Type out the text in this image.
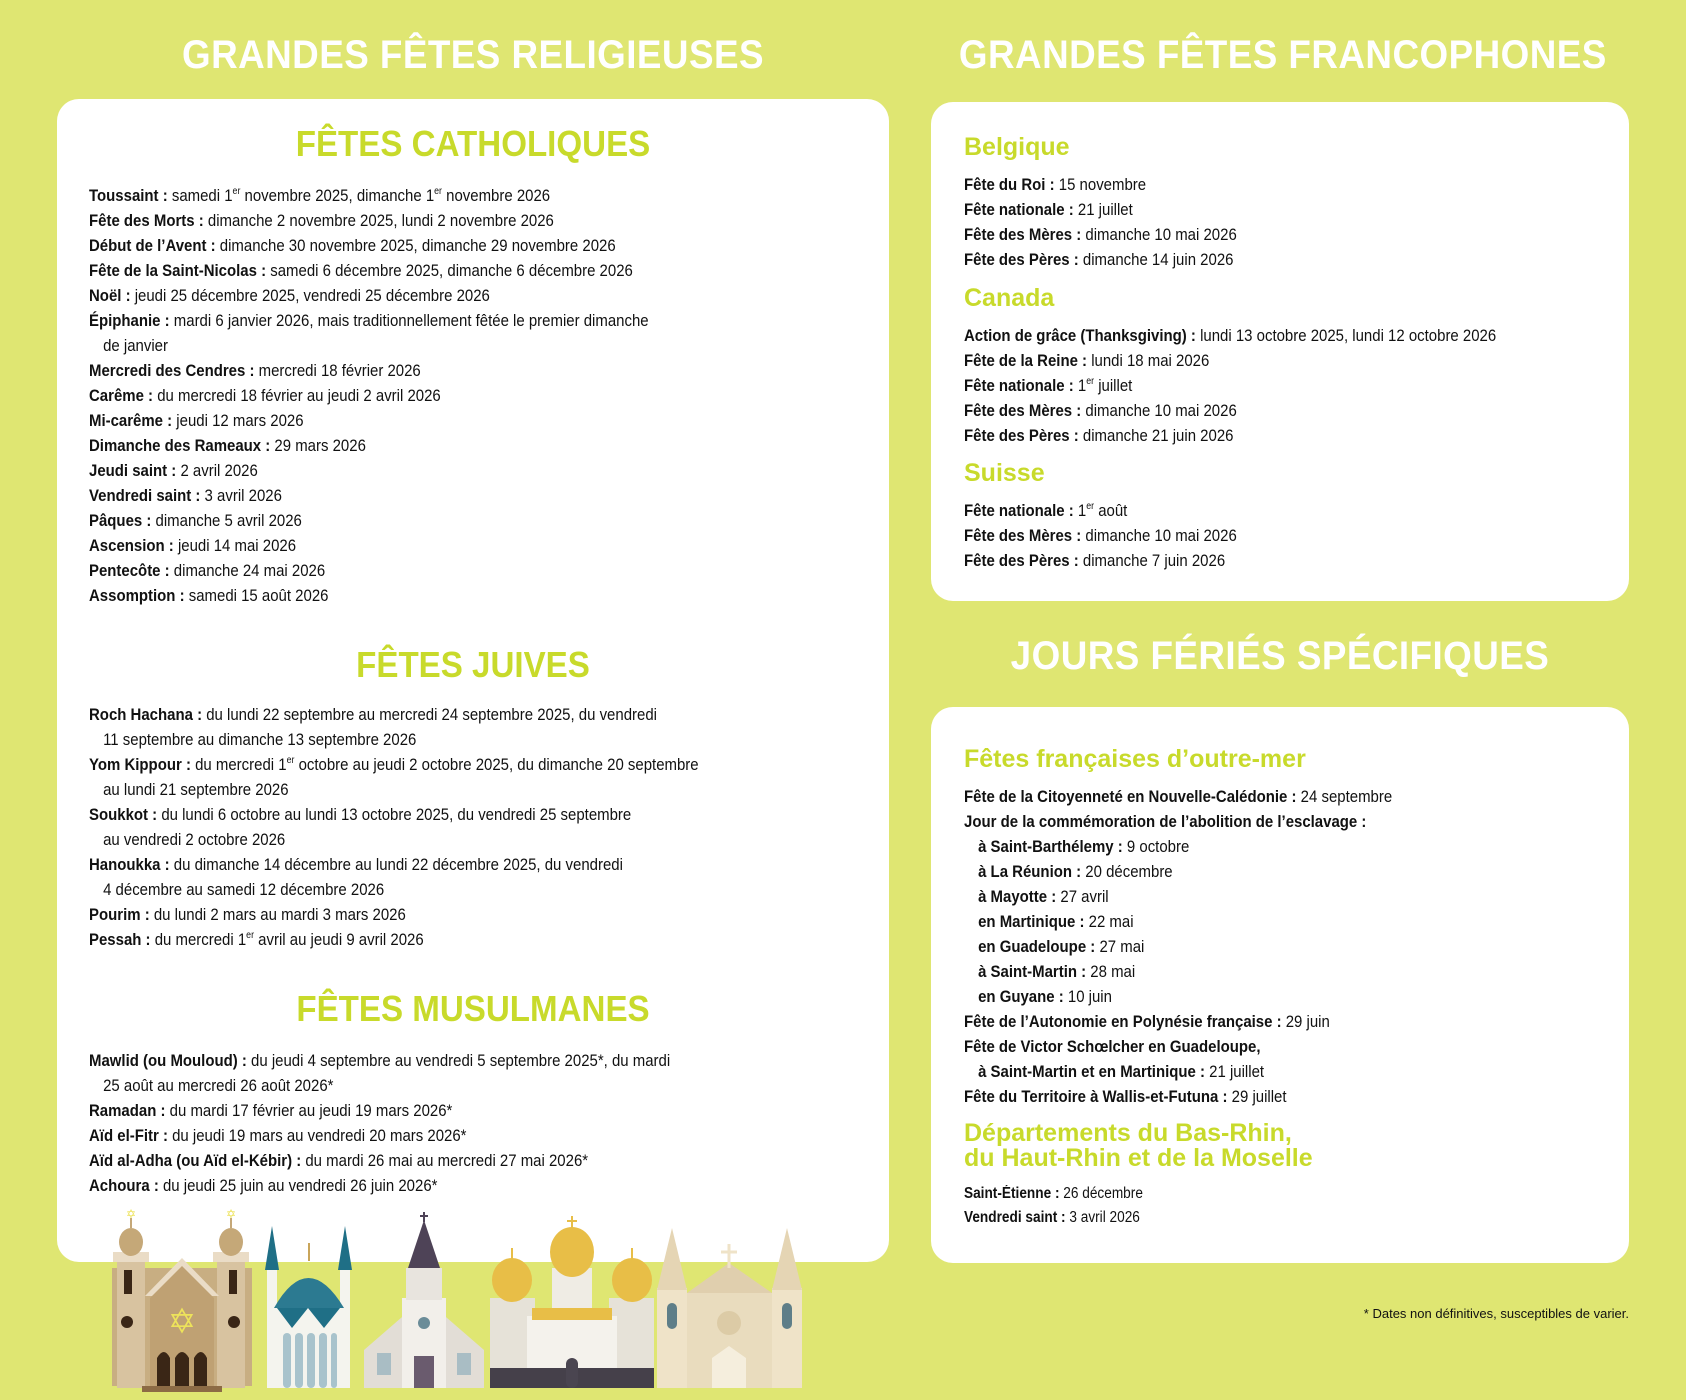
GRANDES FÊTES RELIGIEUSES
FÊTES CATHOLIQUES
Toussaint : samedi 1er novembre 2025, dimanche 1er novembre 2026
Fête des Morts : dimanche 2 novembre 2025, lundi 2 novembre 2026
Début de l’Avent : dimanche 30 novembre 2025, dimanche 29 novembre 2026
Fête de la Saint-Nicolas : samedi 6 décembre 2025, dimanche 6 décembre 2026
Noël : jeudi 25 décembre 2025, vendredi 25 décembre 2026
Épiphanie : mardi 6 janvier 2026, mais traditionnellement fêtée le premier dimanche
de janvier
Mercredi des Cendres : mercredi 18 février 2026
Carême : du mercredi 18 février au jeudi 2 avril 2026
Mi-carême : jeudi 12 mars 2026
Dimanche des Rameaux : 29 mars 2026
Jeudi saint : 2 avril 2026
Vendredi saint : 3 avril 2026
Pâques : dimanche 5 avril 2026
Ascension : jeudi 14 mai 2026
Pentecôte : dimanche 24 mai 2026
Assomption : samedi 15 août 2026
FÊTES JUIVES
Roch Hachana : du lundi 22 septembre au mercredi 24 septembre 2025, du vendredi
11 septembre au dimanche 13 septembre 2026
Yom Kippour : du mercredi 1er octobre au jeudi 2 octobre 2025, du dimanche 20 septembre
au lundi 21 septembre 2026
Soukkot : du lundi 6 octobre au lundi 13 octobre 2025, du vendredi 25 septembre
au vendredi 2 octobre 2026
Hanoukka : du dimanche 14 décembre au lundi 22 décembre 2025, du vendredi
4 décembre au samedi 12 décembre 2026
Pourim : du lundi 2 mars au mardi 3 mars 2026
Pessah : du mercredi 1er avril au jeudi 9 avril 2026
FÊTES MUSULMANES
Mawlid (ou Mouloud) : du jeudi 4 septembre au vendredi 5 septembre 2025*, du mardi
25 août au mercredi 26 août 2026*
Ramadan : du mardi 17 février au jeudi 19 mars 2026*
Aïd el-Fitr : du jeudi 19 mars au vendredi 20 mars 2026*
Aïd al-Adha (ou Aïd el-Kébir) : du mardi 26 mai au mercredi 27 mai 2026*
Achoura : du jeudi 25 juin au vendredi 26 juin 2026*
✡	✡
✡
GRANDES FÊTES FRANCOPHONES
Belgique
Fête du Roi : 15 novembre
Fête nationale : 21 juillet
Fête des Mères : dimanche 10 mai 2026
Fête des Pères : dimanche 14 juin 2026
Canada
Action de grâce (Thanksgiving) : lundi 13 octobre 2025, lundi 12 octobre 2026
Fête de la Reine : lundi 18 mai 2026
Fête nationale : 1er juillet
Fête des Mères : dimanche 10 mai 2026
Fête des Pères : dimanche 21 juin 2026
Suisse
Fête nationale : 1er août
Fête des Mères : dimanche 10 mai 2026
Fête des Pères : dimanche 7 juin 2026
JOURS FÉRIÉS SPÉCIFIQUES
Fêtes françaises d’outre-mer
Fête de la Citoyenneté en Nouvelle-Calédonie : 24 septembre
Jour de la commémoration de l’abolition de l’esclavage :
à Saint-Barthélemy : 9 octobre
à La Réunion : 20 décembre
à Mayotte : 27 avril
en Martinique : 22 mai
en Guadeloupe : 27 mai
à Saint-Martin : 28 mai
en Guyane : 10 juin
Fête de l’Autonomie en Polynésie française : 29 juin
Fête de Victor Schœlcher en Guadeloupe,
à Saint-Martin et en Martinique : 21 juillet
Fête du Territoire à Wallis-et-Futuna : 29 juillet
Départements du Bas-Rhin,
du Haut-Rhin et de la Moselle
Saint-Étienne : 26 décembre
Vendredi saint : 3 avril 2026
* Dates non définitives, susceptibles de varier.
